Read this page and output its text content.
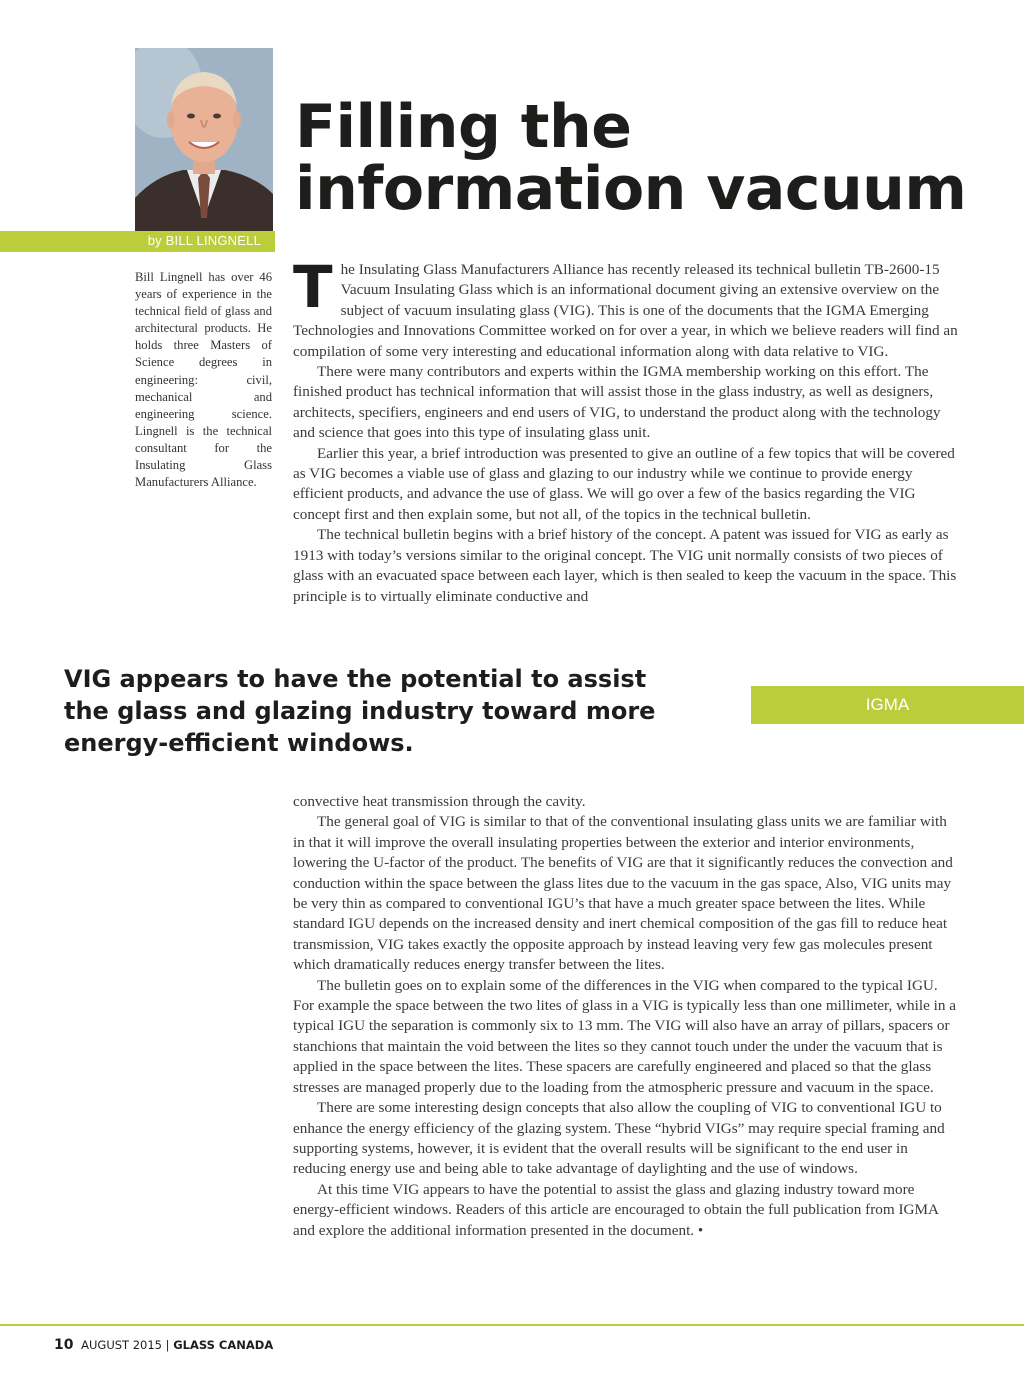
by BILL LINGNELL
Filling the information vacuum

Bill Lingnell has over 46 years of experience in the technical field of glass and architectural products. He holds three Masters of Science degrees in engineering: civil, mechanical and engineering science. Lingnell is the technical consultant for the Insulating Glass Manufacturers Alliance.

The Insulating Glass Manufacturers Alliance has recently released its technical bulletin TB-2600-15 Vacuum Insulating Glass which is an informational document giving an extensive overview on the subject of vacuum insulating glass (VIG). This is one of the documents that the IGMA Emerging Technologies and Innovations Committee worked on for over a year, in which we believe readers will find an compilation of some very interesting and educational information along with data relative to VIG.

There were many contributors and experts within the IGMA membership working on this effort. The finished product has technical information that will assist those in the glass industry, as well as designers, architects, specifiers, engineers and end users of VIG, to understand the product along with the technology and science that goes into this type of insulating glass unit.

Earlier this year, a brief introduction was presented to give an outline of a few topics that will be covered as VIG becomes a viable use of glass and glazing to our industry while we continue to provide energy efficient products, and advance the use of glass. We will go over a few of the basics regarding the VIG concept first and then explain some, but not all, of the topics in the technical bulletin.

The technical bulletin begins with a brief history of the concept. A patent was issued for VIG as early as 1913 with today’s versions similar to the original concept. The VIG unit normally consists of two pieces of glass with an evacuated space between each layer, which is then sealed to keep the vacuum in the space. This principle is to virtually eliminate conductive and

VIG appears to have the potential to assist the glass and glazing industry toward more energy-efficient windows.

IGMA

convective heat transmission through the cavity.

The general goal of VIG is similar to that of the conventional insulating glass units we are familiar with in that it will improve the overall insulating properties between the exterior and interior environments, lowering the U-factor of the product. The benefits of VIG are that it significantly reduces the convection and conduction within the space between the glass lites due to the vacuum in the gas space, Also, VIG units may be very thin as compared to conventional IGU’s that have a much greater space between the lites. While standard IGU depends on the increased density and inert chemical composition of the gas fill to reduce heat transmission, VIG takes exactly the opposite approach by instead leaving very few gas molecules present which dramatically reduces energy transfer between the lites.

The bulletin goes on to explain some of the differences in the VIG when compared to the typical IGU. For example the space between the two lites of glass in a VIG is typically less than one millimeter, while in a typical IGU the separation is commonly six to 13 mm. The VIG will also have an array of pillars, spacers or stanchions that maintain the void between the lites so they cannot touch under the under the vacuum that is applied in the space between the lites. These spacers are carefully engineered and placed so that the glass stresses are managed properly due to the loading from the atmospheric pressure and vacuum in the space.

There are some interesting design concepts that also allow the coupling of VIG to conventional IGU to enhance the energy efficiency of the glazing system. These “hybrid VIGs” may require special framing and supporting systems, however, it is evident that the overall results will be significant to the end user in reducing energy use and being able to take advantage of daylighting and the use of windows.

At this time VIG appears to have the potential to assist the glass and glazing industry toward more energy-efficient windows. Readers of this article are encouraged to obtain the full publication from IGMA and explore the additional information presented in the document. •

10 AUGUST 2015 | GLASS CANADA
